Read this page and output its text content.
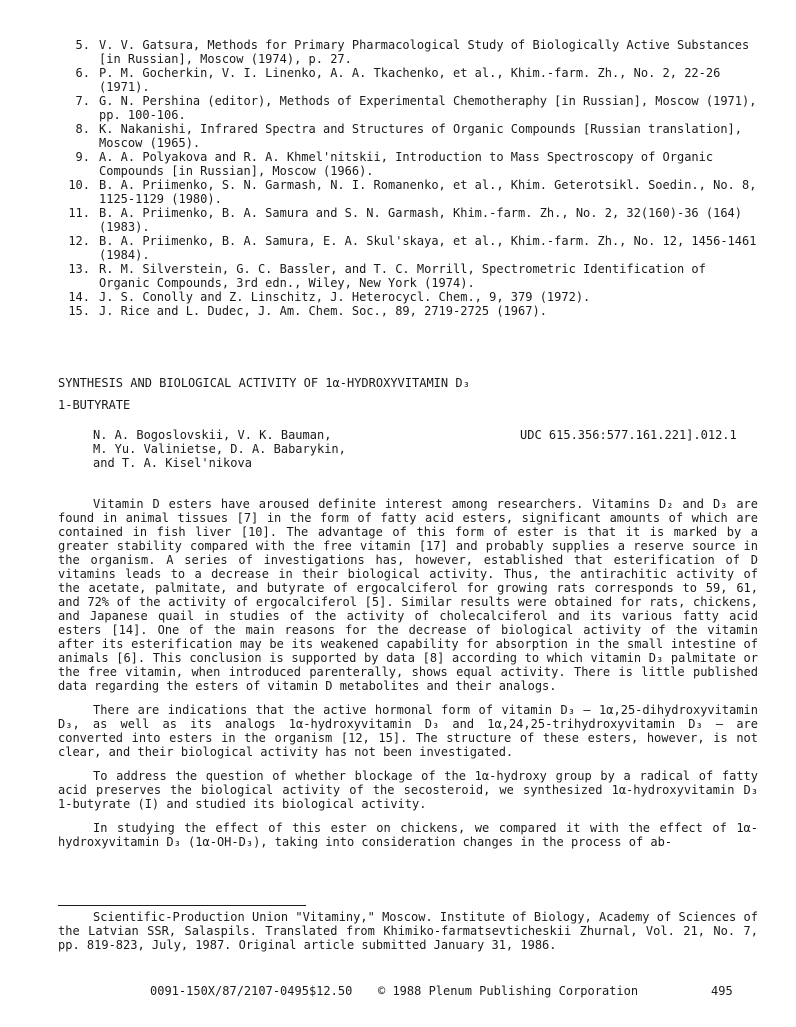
5. V. V. Gatsura, Methods for Primary Pharmacological Study of Biologically Active Substances [in Russian], Moscow (1974), p. 27.
6. P. M. Gocherkin, V. I. Linenko, A. A. Tkachenko, et al., Khim.-farm. Zh., No. 2, 22-26 (1971).
7. G. N. Pershina (editor), Methods of Experimental Chemotheraphy [in Russian], Moscow (1971), pp. 100-106.
8. K. Nakanishi, Infrared Spectra and Structures of Organic Compounds [Russian translation], Moscow (1965).
9. A. A. Polyakova and R. A. Khmel'nitskii, Introduction to Mass Spectroscopy of Organic Compounds [in Russian], Moscow (1966).
10. B. A. Priimenko, S. N. Garmash, N. I. Romanenko, et al., Khim. Geterotsikl. Soedin., No. 8, 1125-1129 (1980).
11. B. A. Priimenko, B. A. Samura and S. N. Garmash, Khim.-farm. Zh., No. 2, 32(160)-36 (164) (1983).
12. B. A. Priimenko, B. A. Samura, E. A. Skul'skaya, et al., Khim.-farm. Zh., No. 12, 1456-1461 (1984).
13. R. M. Silverstein, G. C. Bassler, and T. C. Morrill, Spectrometric Identification of Organic Compounds, 3rd edn., Wiley, New York (1974).
14. J. S. Conolly and Z. Linschitz, J. Heterocycl. Chem., 9, 379 (1972).
15. J. Rice and L. Dudec, J. Am. Chem. Soc., 89, 2719-2725 (1967).
SYNTHESIS AND BIOLOGICAL ACTIVITY OF 1α-HYDROXYVITAMIN D₃
1-BUTYRATE
N. A. Bogoslovskii, V. K. Bauman,
M. Yu. Valinietse, D. A. Babarykin,
and T. A. Kisel'nikova
UDC 615.356:577.161.221].012.1

Vitamin D esters have aroused definite interest among researchers. Vitamins D₂ and D₃ are found in animal tissues [7] in the form of fatty acid esters, significant amounts of which are contained in fish liver [10]. The advantage of this form of ester is that it is marked by a greater stability compared with the free vitamin [17] and probably supplies a reserve source in the organism. A series of investigations has, however, established that esterification of D vitamins leads to a decrease in their biological activity. Thus, the antirachitic activity of the acetate, palmitate, and butyrate of ergocalciferol for growing rats corresponds to 59, 61, and 72% of the activity of ergocalciferol [5]. Similar results were obtained for rats, chickens, and Japanese quail in studies of the activity of cholecalciferol and its various fatty acid esters [14]. One of the main reasons for the decrease of biological activity of the vitamin after its esterification may be its weakened capability for absorption in the small intestine of animals [6]. This conclusion is supported by data [8] according to which vitamin D₃ palmitate or the free vitamin, when introduced parenterally, shows equal activity. There is little published data regarding the esters of vitamin D metabolites and their analogs.

There are indications that the active hormonal form of vitamin D₃ – 1α,25-dihydroxyvitamin D₃, as well as its analogs 1α-hydroxyvitamin D₃ and 1α,24,25-trihydroxyvitamin D₃ – are converted into esters in the organism [12, 15]. The structure of these esters, however, is not clear, and their biological activity has not been investigated.

To address the question of whether blockage of the 1α-hydroxy group by a radical of fatty acid preserves the biological activity of the secosteroid, we synthesized 1α-hydroxyvitamin D₃ 1-butyrate (I) and studied its biological activity.

In studying the effect of this ester on chickens, we compared it with the effect of 1α-hydroxyvitamin D₃ (1α-OH-D₃), taking into consideration changes in the process of ab-

Scientific-Production Union "Vitaminy," Moscow. Institute of Biology, Academy of Sciences of the Latvian SSR, Salaspils. Translated from Khimiko-farmatsevticheskii Zhurnal, Vol. 21, No. 7, pp. 819-823, July, 1987. Original article submitted January 31, 1986.

0091-150X/87/2107-0495$12.50 © 1988 Plenum Publishing Corporation	495
